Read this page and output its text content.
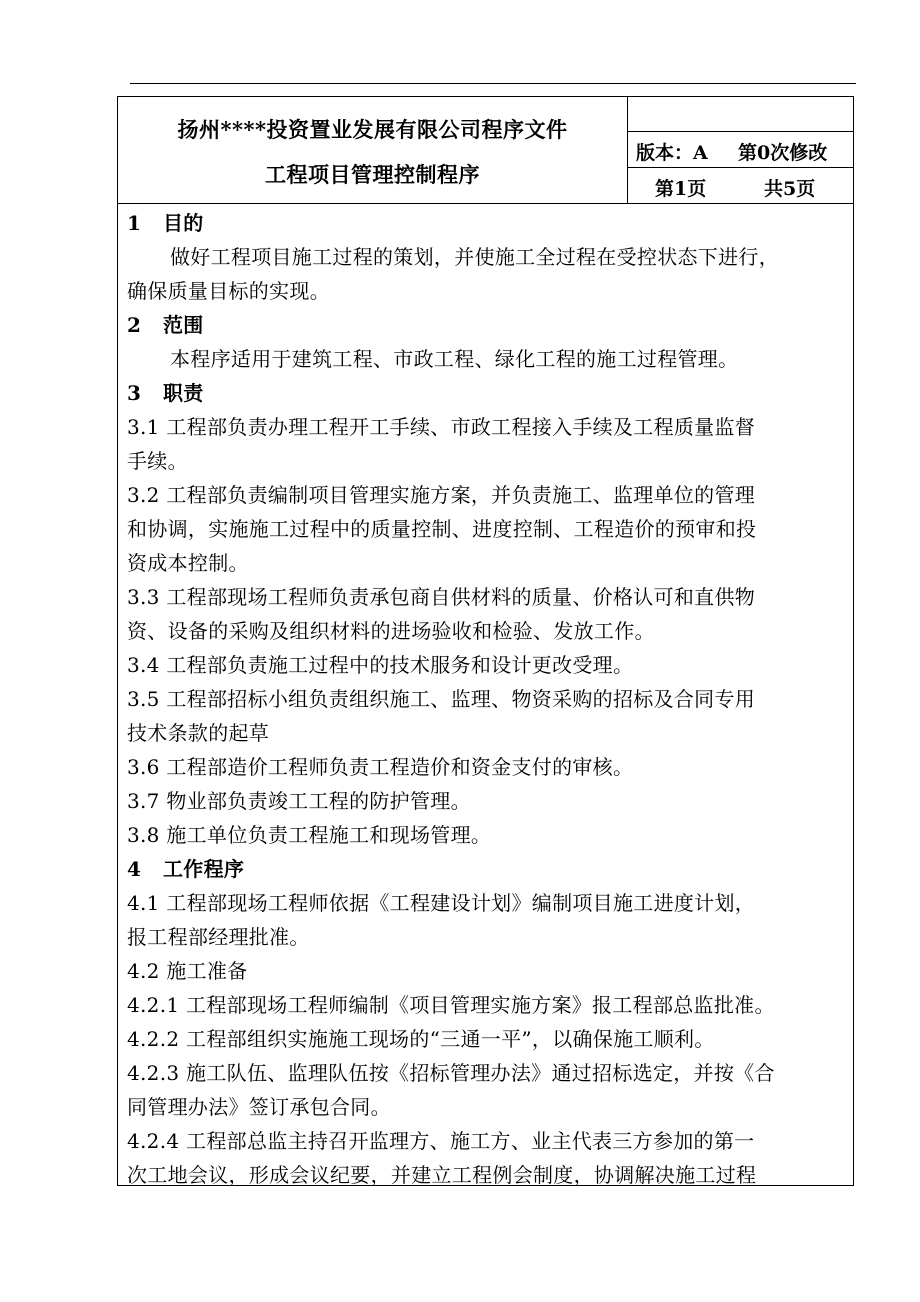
扬州****投资置业发展有限公司程序文件
工程项目管理控制程序
版本：A 第0次修改
第1页	共5页
1 目的
做好工程项目施工过程的策划，并使施工全过程在受控状态下进行，
确保质量目标的实现。
2 范围
本程序适用于建筑工程、市政工程、绿化工程的施工过程管理。
3 职责
3.1 工程部负责办理工程开工手续、市政工程接入手续及工程质量监督
手续。
3.2 工程部负责编制项目管理实施方案，并负责施工、监理单位的管理
和协调，实施施工过程中的质量控制、进度控制、工程造价的预审和投
资成本控制。
3.3 工程部现场工程师负责承包商自供材料的质量、价格认可和直供物
资、设备的采购及组织材料的进场验收和检验、发放工作。
3.4 工程部负责施工过程中的技术服务和设计更改受理。
3.5 工程部招标小组负责组织施工、监理、物资采购的招标及合同专用
技术条款的起草
3.6 工程部造价工程师负责工程造价和资金支付的审核。
3.7 物业部负责竣工工程的防护管理。
3.8 施工单位负责工程施工和现场管理。
4 工作程序
4.1 工程部现场工程师依据《工程建设计划》编制项目施工进度计划，
报工程部经理批准。
4.2 施工准备
4.2.1 工程部现场工程师编制《项目管理实施方案》报工程部总监批准。
4.2.2 工程部组织实施施工现场的“三通一平”，以确保施工顺利。
4.2.3 施工队伍、监理队伍按《招标管理办法》通过招标选定，并按《合
同管理办法》签订承包合同。
4.2.4 工程部总监主持召开监理方、施工方、业主代表三方参加的第一
次工地会议，形成会议纪要，并建立工程例会制度，协调解决施工过程
